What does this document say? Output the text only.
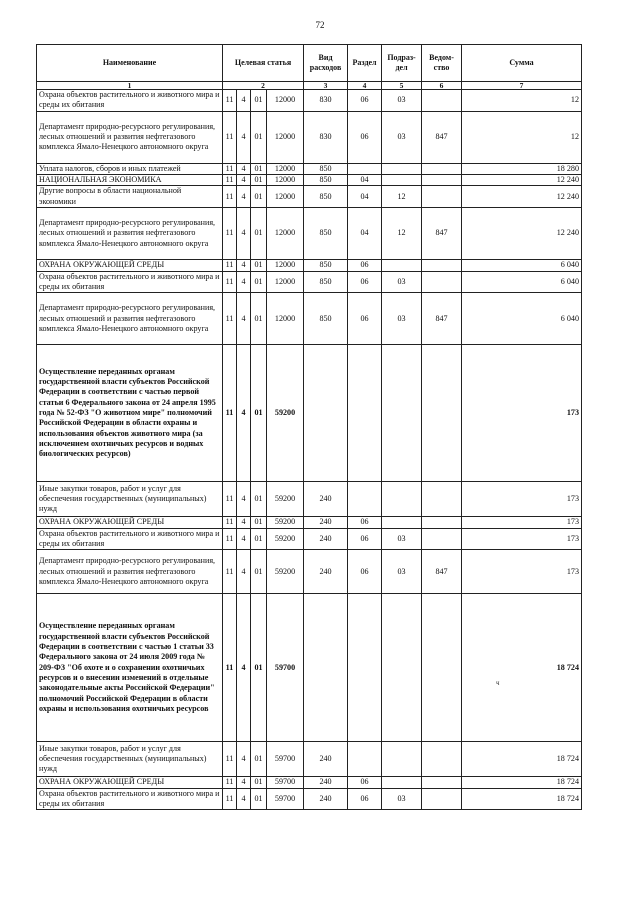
72
Наименование	Целевая статья				Вид расходов	Раздел	Подраз-дел	Ведом-ство	Сумма
1	2				3	4	5	6	7
Охрана объектов растительного и животного мира и среды их обитания	11	4	01	12000	830	06	03		12
Департамент природно-ресурсного регулирования, лесных отношений и развития нефтегазового комплекса Ямало-Ненецкого автономного округа	11	4	01	12000	830	06	03	847	12
Уплата налогов, сборов и иных платежей	11	4	01	12000	850				18 280
НАЦИОНАЛЬНАЯ ЭКОНОМИКА	11	4	01	12000	850	04			12 240
Другие вопросы в области национальной экономики	11	4	01	12000	850	04	12		12 240
Департамент природно-ресурсного регулирования, лесных отношений и развития нефтегазового комплекса Ямало-Ненецкого автономного округа	11	4	01	12000	850	04	12	847	12 240
ОХРАНА ОКРУЖАЮЩЕЙ СРЕДЫ	11	4	01	12000	850	06			6 040
Охрана объектов растительного и животного мира и среды их обитания	11	4	01	12000	850	06	03		6 040
Департамент природно-ресурсного регулирования, лесных отношений и развития нефтегазового комплекса Ямало-Ненецкого автономного округа	11	4	01	12000	850	06	03	847	6 040
Осуществление переданных органам государственной власти субъектов Российской Федерации в соответствии с частью первой статьи 6 Федерального закона от 24 апреля 1995 года № 52-ФЗ "О животном мире" полномочий Российской Федерации в области охраны и использования объектов животного мира (за исключением охотничьих ресурсов и водных биологических ресурсов)	11	4	01	59200					173
Иные закупки товаров, работ и услуг для обеспечения государственных (муниципальных) нужд	11	4	01	59200	240				173
ОХРАНА ОКРУЖАЮЩЕЙ СРЕДЫ	11	4	01	59200	240	06			173
Охрана объектов растительного и животного мира и среды их обитания	11	4	01	59200	240	06	03		173
Департамент природно-ресурсного регулирования, лесных отношений и развития нефтегазового комплекса Ямало-Ненецкого автономного округа	11	4	01	59200	240	06	03	847	173
Осуществление переданных органам государственной власти субъектов Российской Федерации в соответствии с частью 1 статьи 33 Федерального закона от 24 июля 2009 года № 209-ФЗ "Об охоте и о сохранении охотничьих ресурсов и о внесении изменений в отдельные законодательные акты Российской Федерации" полномочий Российской Федерации в области охраны и использования охотничьих ресурсов	11	4	01	59700					18 724
Иные закупки товаров, работ и услуг для обеспечения государственных (муниципальных) нужд	11	4	01	59700	240				18 724
ОХРАНА ОКРУЖАЮЩЕЙ СРЕДЫ	11	4	01	59700	240	06			18 724
Охрана объектов растительного и животного мира и среды их обитания	11	4	01	59700	240	06	03		18 724
ч
